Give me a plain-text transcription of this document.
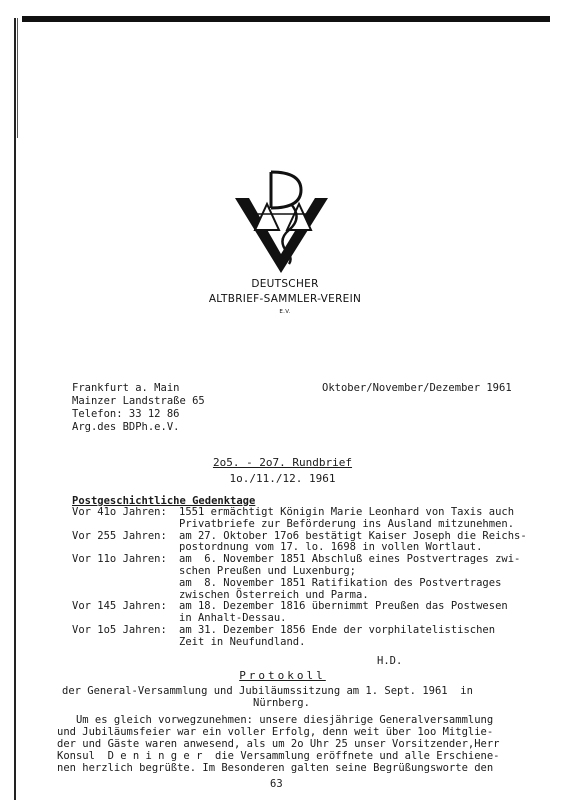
DEUTSCHER
ALTBRIEF-SAMMLER-VEREIN
E.V.
Frankfurt a. Main
Mainzer Landstraße 65
Telefon: 33 12 86
Arg.des BDPh.e.V.
Oktober/November/Dezember 1961
2o5. - 2o7. Rundbrief
1o./11./12. 1961
Postgeschichtliche Gedenktage
Vor 41o Jahren:	1551 ermächtigt Königin Marie Leonhard von Taxis auch
Privatbriefe zur Beförderung ins Ausland mitzunehmen.
Vor 255 Jahren:	am 27. Oktober 17o6 bestätigt Kaiser Joseph die Reichs-
postordnung vom 17. lo. 1698 in vollen Wortlaut.
Vor 11o Jahren:	am  6. November 1851 Abschluß eines Postvertrages zwi-
schen Preußen und Luxenburg;
am  8. November 1851 Ratifikation des Postvertrages
zwischen Österreich und Parma.
Vor 145 Jahren:	am 18. Dezember 1816 übernimmt Preußen das Postwesen
in Anhalt-Dessau.
Vor 1o5 Jahren:	am 31. Dezember 1856 Ende der vorphilatelistischen
Zeit in Neufundland.
H.D.
Protokoll
der General-Versammlung und Jubiläumssitzung am 1. Sept. 1961  in
Nürnberg.
Um es gleich vorwegzunehmen: unsere diesjährige Generalversammlung
und Jubiläumsfeier war ein voller Erfolg, denn weit über 1oo Mitglie-
der und Gäste waren anwesend, als um 2o Uhr 25 unser Vorsitzender,Herr
Konsul  D e n i n g e r  die Versammlung eröffnete und alle Erschiene-
nen herzlich begrüßte. Im Besonderen galten seine Begrüßungsworte den
63
